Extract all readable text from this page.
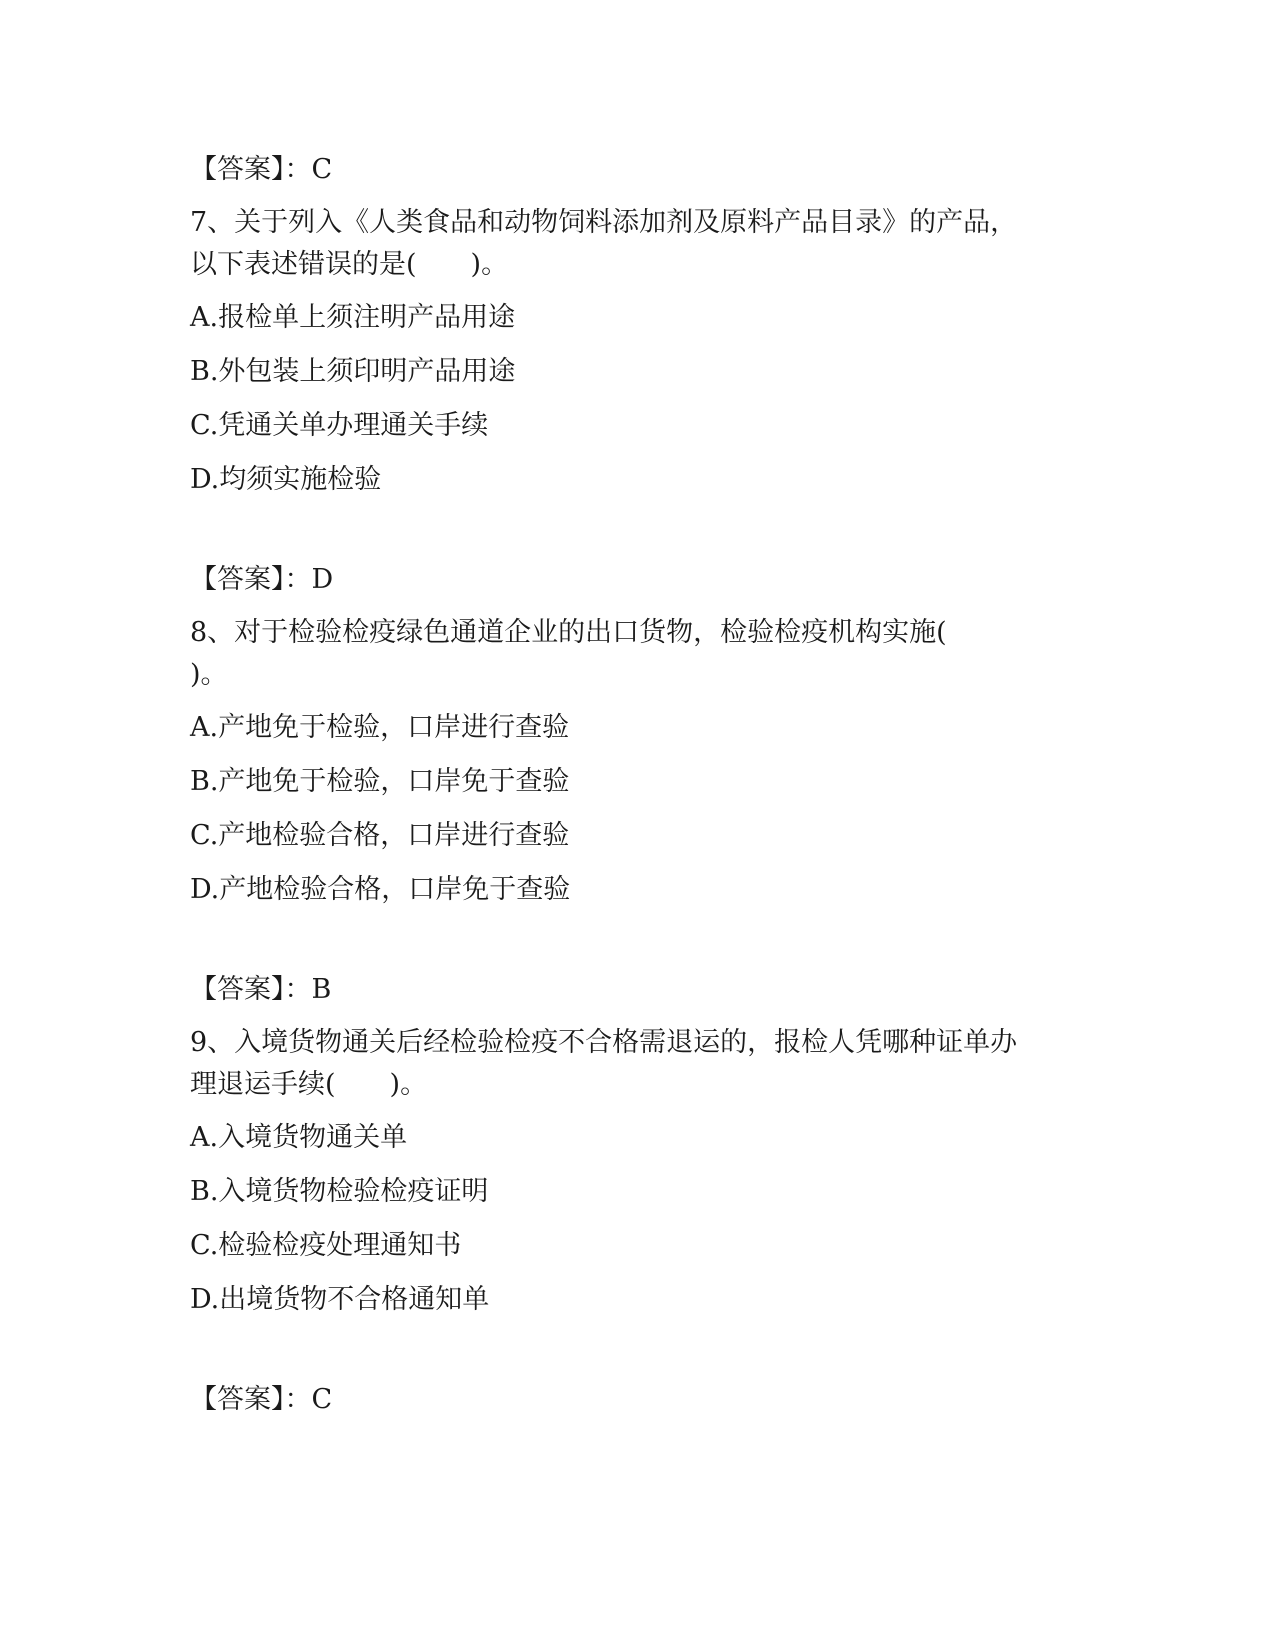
【答案】：C
7、关于列入《人类食品和动物饲料添加剂及原料产品目录》的产品，
以下表述错误的是(　　)。
A.报检单上须注明产品用途
B.外包装上须印明产品用途
C.凭通关单办理通关手续
D.均须实施检验
【答案】：D
8、对于检验检疫绿色通道企业的出口货物，检验检疫机构实施(
)。
A.产地免于检验，口岸进行查验
B.产地免于检验，口岸免于查验
C.产地检验合格，口岸进行查验
D.产地检验合格，口岸免于查验
【答案】：B
9、入境货物通关后经检验检疫不合格需退运的，报检人凭哪种证单办
理退运手续(　　)。
A.入境货物通关单
B.入境货物检验检疫证明
C.检验检疫处理通知书
D.出境货物不合格通知单
【答案】：C
